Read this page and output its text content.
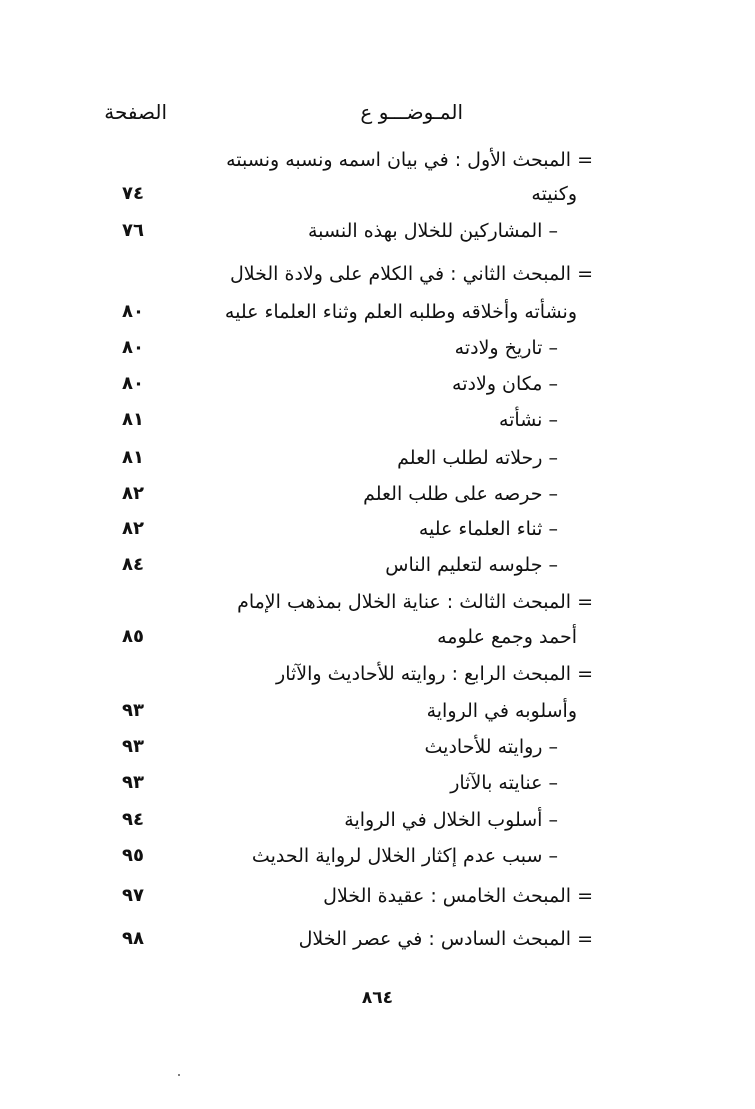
المـوضـــو ع
الصفحة
= المبحث الأول : في بيان اسمه ونسبه ونسبته
وكنيته
٧٤
– المشاركين للخلال بهذه النسبة
٧٦
= المبحث الثاني : في الكلام على ولادة الخلال
ونشأته وأخلاقه وطلبه العلم وثناء العلماء عليه
٨٠
– تاريخ ولادته
٨٠
– مكان ولادته
٨٠
– نشأته
٨١
– رحلاته لطلب العلم
٨١
– حرصه على طلب العلم
٨٢
– ثناء العلماء عليه
٨٢
– جلوسه لتعليم الناس
٨٤
= المبحث الثالث : عناية الخلال بمذهب الإمام
أحمد وجمع علومه
٨٥
= المبحث الرابع : روايته للأحاديث والآثار
وأسلوبه في الرواية
٩٣
– روايته للأحاديث
٩٣
– عنايته بالآثار
٩٣
– أسلوب الخلال في الرواية
٩٤
– سبب عدم إكثار الخلال لرواية الحديث
٩٥
= المبحث الخامس : عقيدة الخلال
٩٧
= المبحث السادس : في عصر الخلال
٩٨
٨٦٤
